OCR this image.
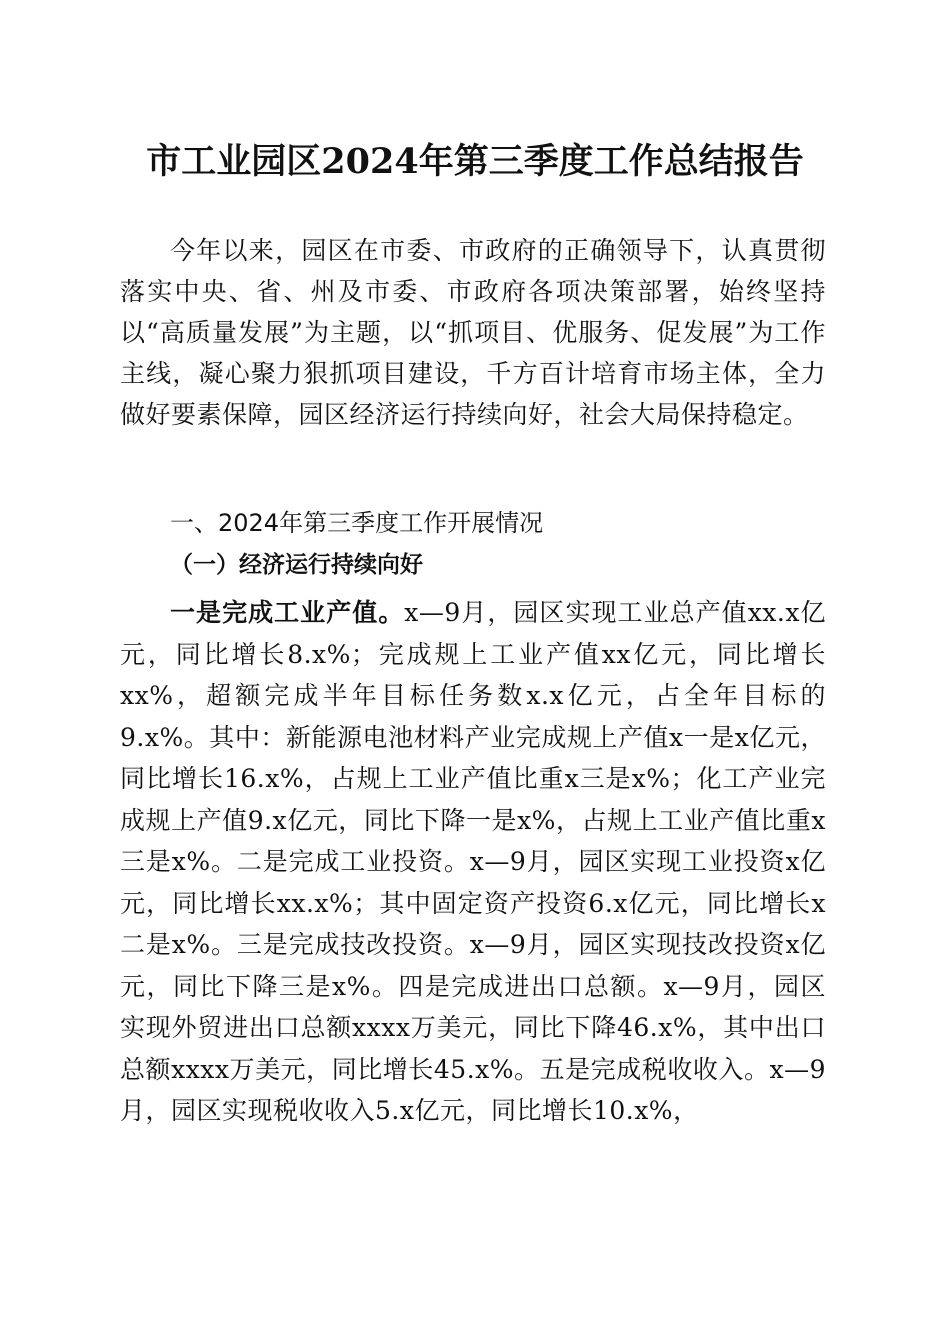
市工业园区2024年第三季度工作总结报告
今年以来，园区在市委、市政府的正确领导下，认真贯彻落实中央、省、州及市委、市政府各项决策部署，始终坚持以“高质量发展”为主题，以“抓项目、优服务、促发展”为工作主线，凝心聚力狠抓项目建设，千方百计培育市场主体，全力做好要素保障，园区经济运行持续向好，社会大局保持稳定。
一、2024年第三季度工作开展情况
（一）经济运行持续向好
一是完成工业产值。x—9月，园区实现工业总产值xx.x亿元，同比增长8.x%；完成规上工业产值xx亿元，同比增长xx%，超额完成半年目标任务数x.x亿元，占全年目标的9.x%。其中：新能源电池材料产业完成规上产值x一是x亿元，同比增长16.x%，占规上工业产值比重x三是x%；化工产业完成规上产值9.x亿元，同比下降一是x%，占规上工业产值比重x三是x%。二是完成工业投资。x—9月，园区实现工业投资x亿元，同比增长xx.x%；其中固定资产投资6.x亿元，同比增长x二是x%。三是完成技改投资。x—9月，园区实现技改投资x亿元，同比下降三是x%。四是完成进出口总额。x—9月，园区实现外贸进出口总额xxxx万美元，同比下降46.x%，其中出口总额xxxx万美元，同比增长45.x%。五是完成税收收入。x—9月，园区实现税收收入5.x亿元，同比增长10.x%，
